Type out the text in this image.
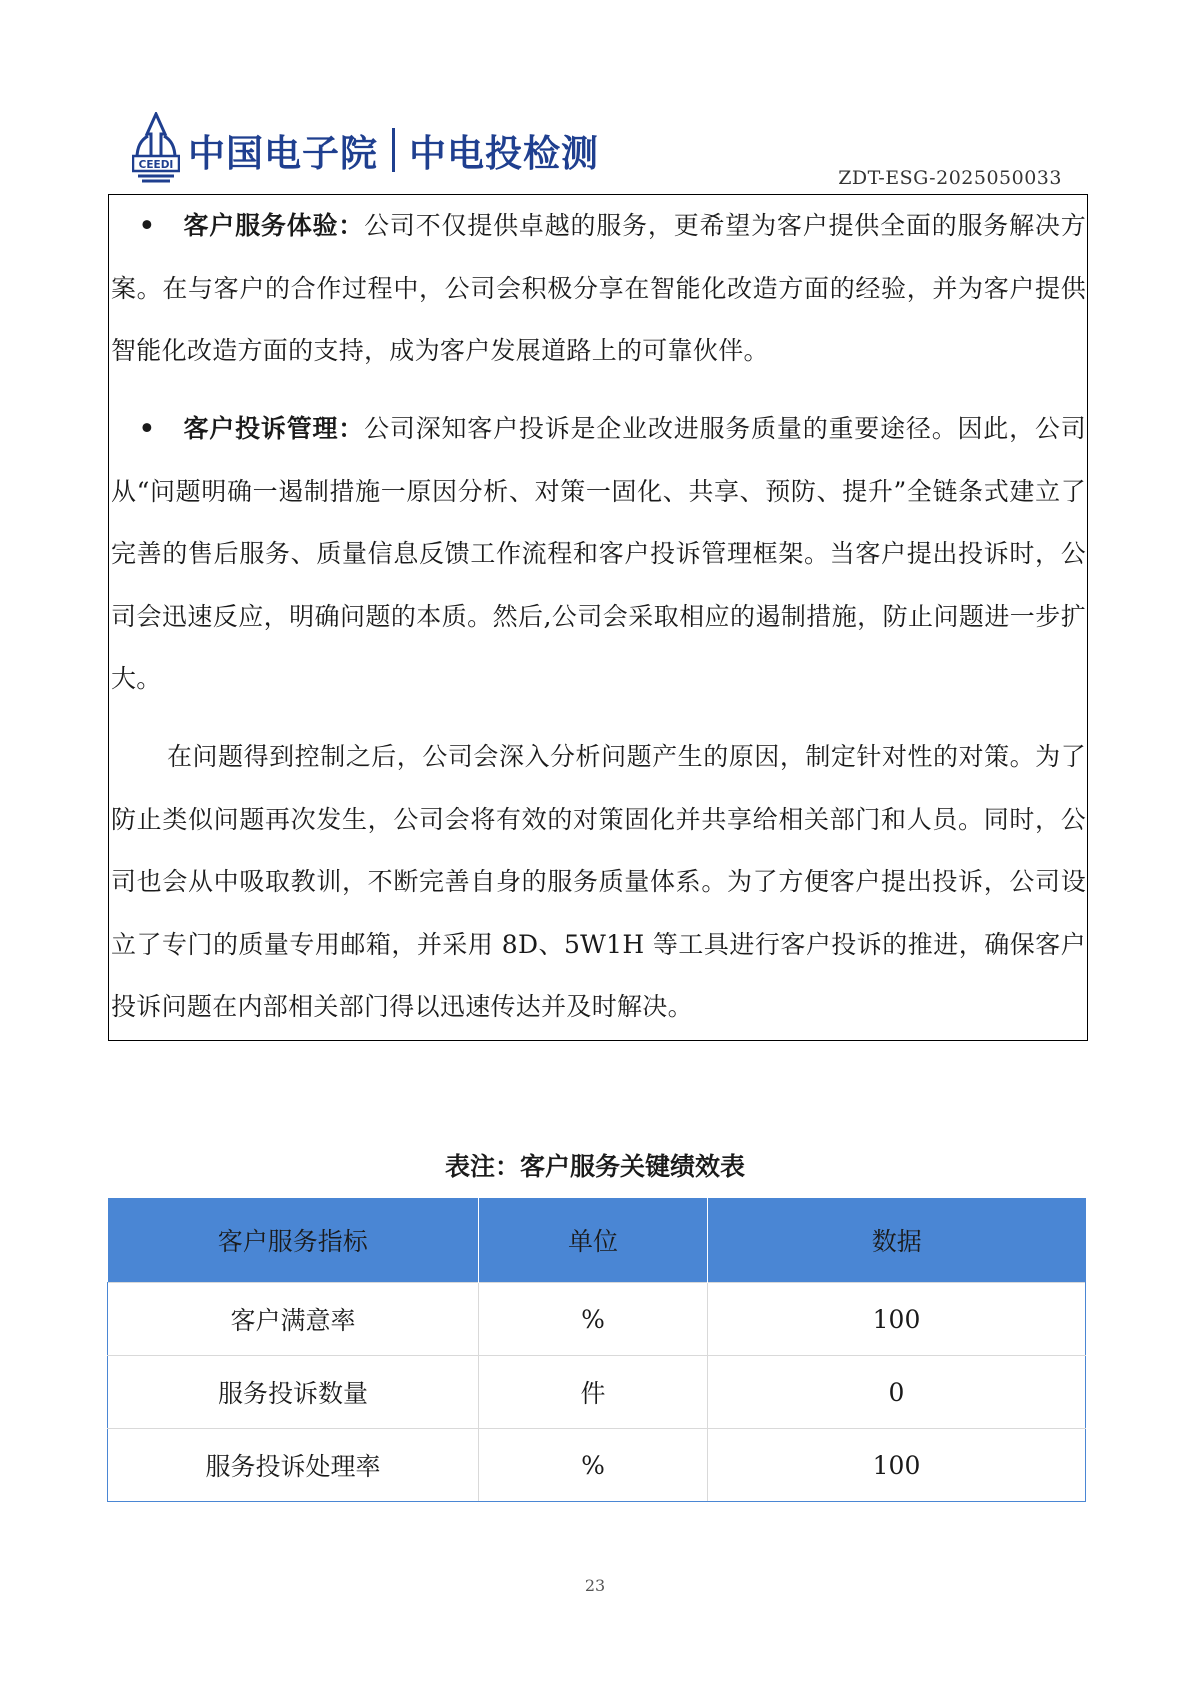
CEEDI 中国电子院 中电投检测
ZDT-ESG-2025050033
• 客户服务体验：公司不仅提供卓越的服务，更希望为客户提供全面的服务解决方案。在与客户的合作过程中，公司会积极分享在智能化改造方面的经验，并为客户提供智能化改造方面的支持，成为客户发展道路上的可靠伙伴。
• 客户投诉管理：公司深知客户投诉是企业改进服务质量的重要途径。因此，公司从“问题明确一遏制措施一原因分析、对策一固化、共享、预防、提升”全链条式建立了完善的售后服务、质量信息反馈工作流程和客户投诉管理框架。当客户提出投诉时，公司会迅速反应，明确问题的本质。然后,公司会采取相应的遏制措施，防止问题进一步扩大。
在问题得到控制之后，公司会深入分析问题产生的原因，制定针对性的对策。为了防止类似问题再次发生，公司会将有效的对策固化并共享给相关部门和人员。同时，公司也会从中吸取教训，不断完善自身的服务质量体系。为了方便客户提出投诉，公司设立了专门的质量专用邮箱，并采用 8D、5W1H 等工具进行客户投诉的推进，确保客户投诉问题在内部相关部门得以迅速传达并及时解决。
表注：客户服务关键绩效表
客户服务指标	单位	数据
客户满意率	%	100
服务投诉数量	件	0
服务投诉处理率	%	100
23
